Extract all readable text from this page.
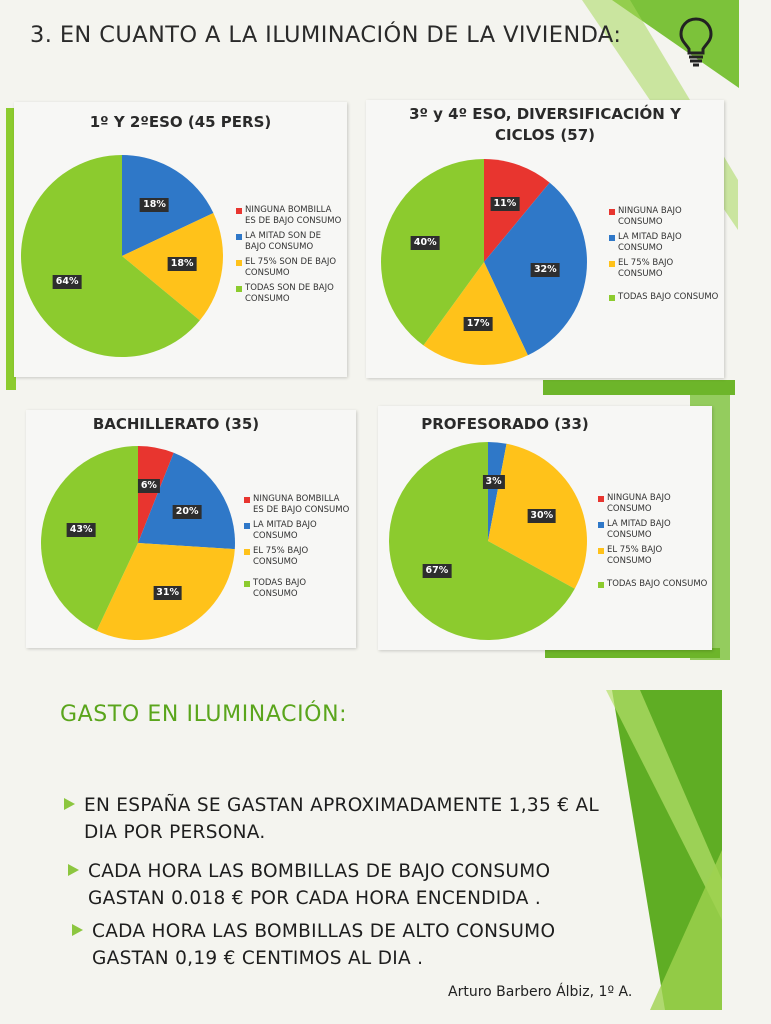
3. EN CUANTO A LA ILUMINACIÓN DE LA VIVIENDA:
1º Y 2ºESO (45 PERS)
NINGUNA BOMBILLA ES DE BAJO CONSUMO
LA MITAD SON DE BAJO CONSUMO
EL 75% SON DE BAJO CONSUMO
TODAS SON DE BAJO CONSUMO
18%
18%
64%
3º y 4º ESO, DIVERSIFICACIÓN Y CICLOS (57)
NINGUNA BAJO CONSUMO
LA MITAD BAJO CONSUMO
EL 75% BAJO CONSUMO
TODAS BAJO CONSUMO
11%
32%
17%
40%
BACHILLERATO (35)
NINGUNA BOMBILLA ES DE BAJO CONSUMO
LA MITAD BAJO CONSUMO
EL 75% BAJO CONSUMO
TODAS BAJO CONSUMO
6%
20%
31%
43%
PROFESORADO (33)
NINGUNA BAJO CONSUMO
LA MITAD BAJO CONSUMO
EL 75% BAJO CONSUMO
TODAS BAJO CONSUMO
3%
30%
67%
GASTO EN ILUMINACIÓN:
EN ESPAÑA SE GASTAN APROXIMADAMENTE 1,35 € AL
DIA POR PERSONA.
CADA HORA LAS BOMBILLAS DE BAJO CONSUMO
GASTAN 0.018 € POR CADA HORA ENCENDIDA .
CADA HORA LAS BOMBILLAS DE ALTO CONSUMO
GASTAN 0,19 € CENTIMOS AL DIA .
Arturo Barbero Álbiz, 1º A.
